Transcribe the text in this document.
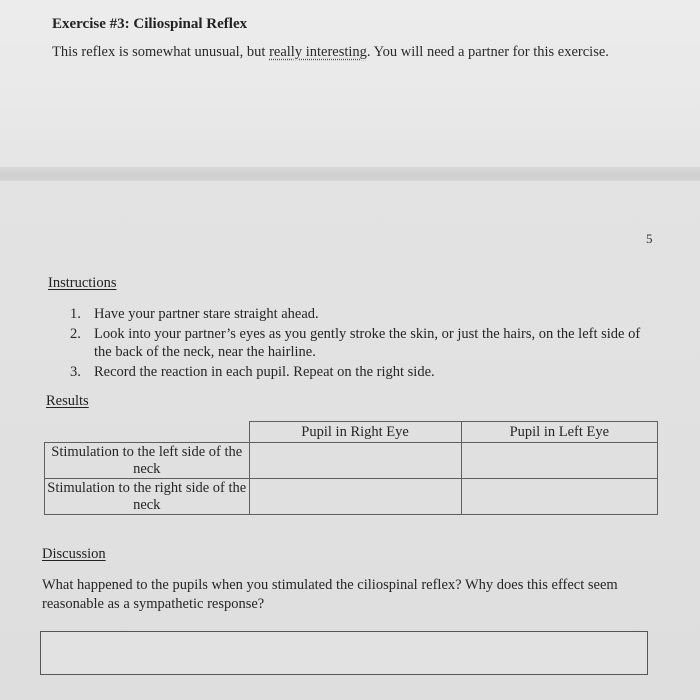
Exercise #3: Ciliospinal Reflex
This reflex is somewhat unusual, but really interesting. You will need a partner for this exercise.
5
Instructions
1. Have your partner stare straight ahead.
2. Look into your partner’s eyes as you gently stroke the skin, or just the hairs, on the left side of the back of the neck, near the hairline.
3. Record the reaction in each pupil. Repeat on the right side.
Results
	Pupil in Right Eye	Pupil in Left Eye
Stimulation to the left side of the neck		
Stimulation to the right side of the neck		
Discussion
What happened to the pupils when you stimulated the ciliospinal reflex? Why does this effect seem reasonable as a sympathetic response?
